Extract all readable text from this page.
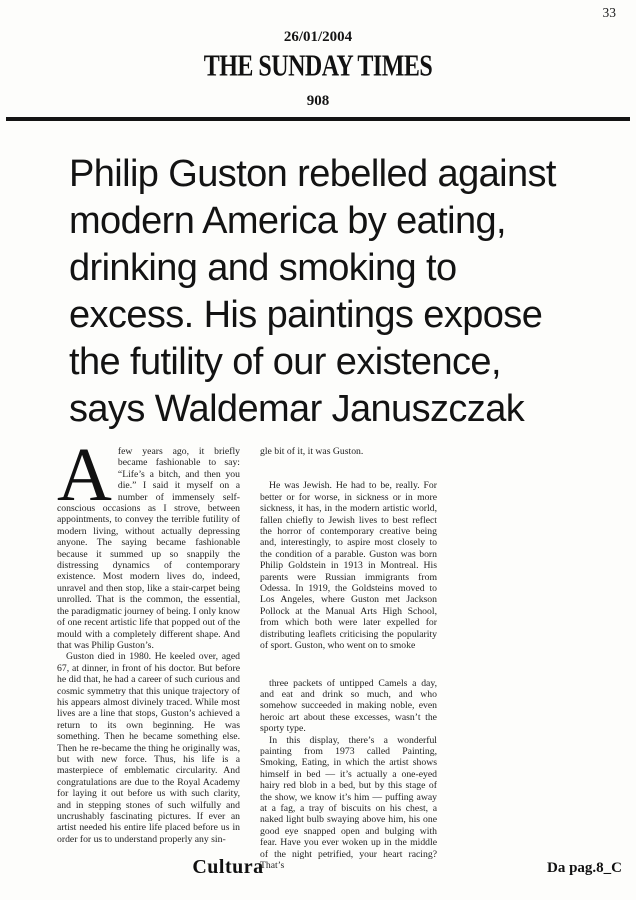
33
26/01/2004
THE SUNDAY TIMES
908
Philip Guston rebelled against
modern America by eating,
drinking and smoking to
excess. His paintings expose
the futility of our existence,
says Waldemar Januszczak

Afew years ago, it briefly became fashionable to say: “Life’s a bitch, and then you die.” I said it myself on a number of immensely self-conscious occasions as I strove, between appointments, to convey the terrible futility of modern living, without actually depressing anyone. The saying became fashionable because it summed up so snappily the distressing dynamics of contemporary existence. Most modern lives do, indeed, unravel and then stop, like a stair-carpet being unrolled. That is the common, the essential, the paradigmatic journey of being. I only know of one recent artistic life that popped out of the mould with a completely different shape. And that was Philip Guston’s.

Guston died in 1980. He keeled over, aged 67, at dinner, in front of his doctor. But before he did that, he had a career of such curious and cosmic symmetry that this unique trajectory of his appears almost divinely traced. While most lives are a line that stops, Guston’s achieved a return to its own beginning. He was something. Then he became something else. Then he re-became the thing he originally was, but with new force. Thus, his life is a masterpiece of emblematic circularity. And congratulations are due to the Royal Academy for laying it out before us with such clarity, and in stepping stones of such wilfully and uncrushably fascinating pictures. If ever an artist needed his entire life placed before us in order for us to understand properly any sin-

gle bit of it, it was Guston.

He was Jewish. He had to be, really. For better or for worse, in sickness or in more sickness, it has, in the modern artistic world, fallen chiefly to Jewish lives to best reflect the horror of contemporary creative being and, interestingly, to aspire most closely to the condition of a parable. Guston was born Philip Goldstein in 1913 in Montreal. His parents were Russian immigrants from Odessa. In 1919, the Goldsteins moved to Los Angeles, where Guston met Jackson Pollock at the Manual Arts High School, from which both were later expelled for distributing leaflets criticising the popularity of sport. Guston, who went on to smoke

three packets of untipped Camels a day, and eat and drink so much, and who somehow succeeded in making noble, even heroic art about these excesses, wasn’t the sporty type.

In this display, there’s a wonderful painting from 1973 called Painting, Smoking, Eating, in which the artist shows himself in bed — it’s actually a one-eyed hairy red blob in a bed, but by this stage of the show, we know it’s him — puffing away at a fag, a tray of biscuits on his chest, a naked light bulb swaying above him, his one good eye snapped open and bulging with fear. Have you ever woken up in the middle of the night petrified, your heart racing? That’s

Cultura	Da pag.8_C
